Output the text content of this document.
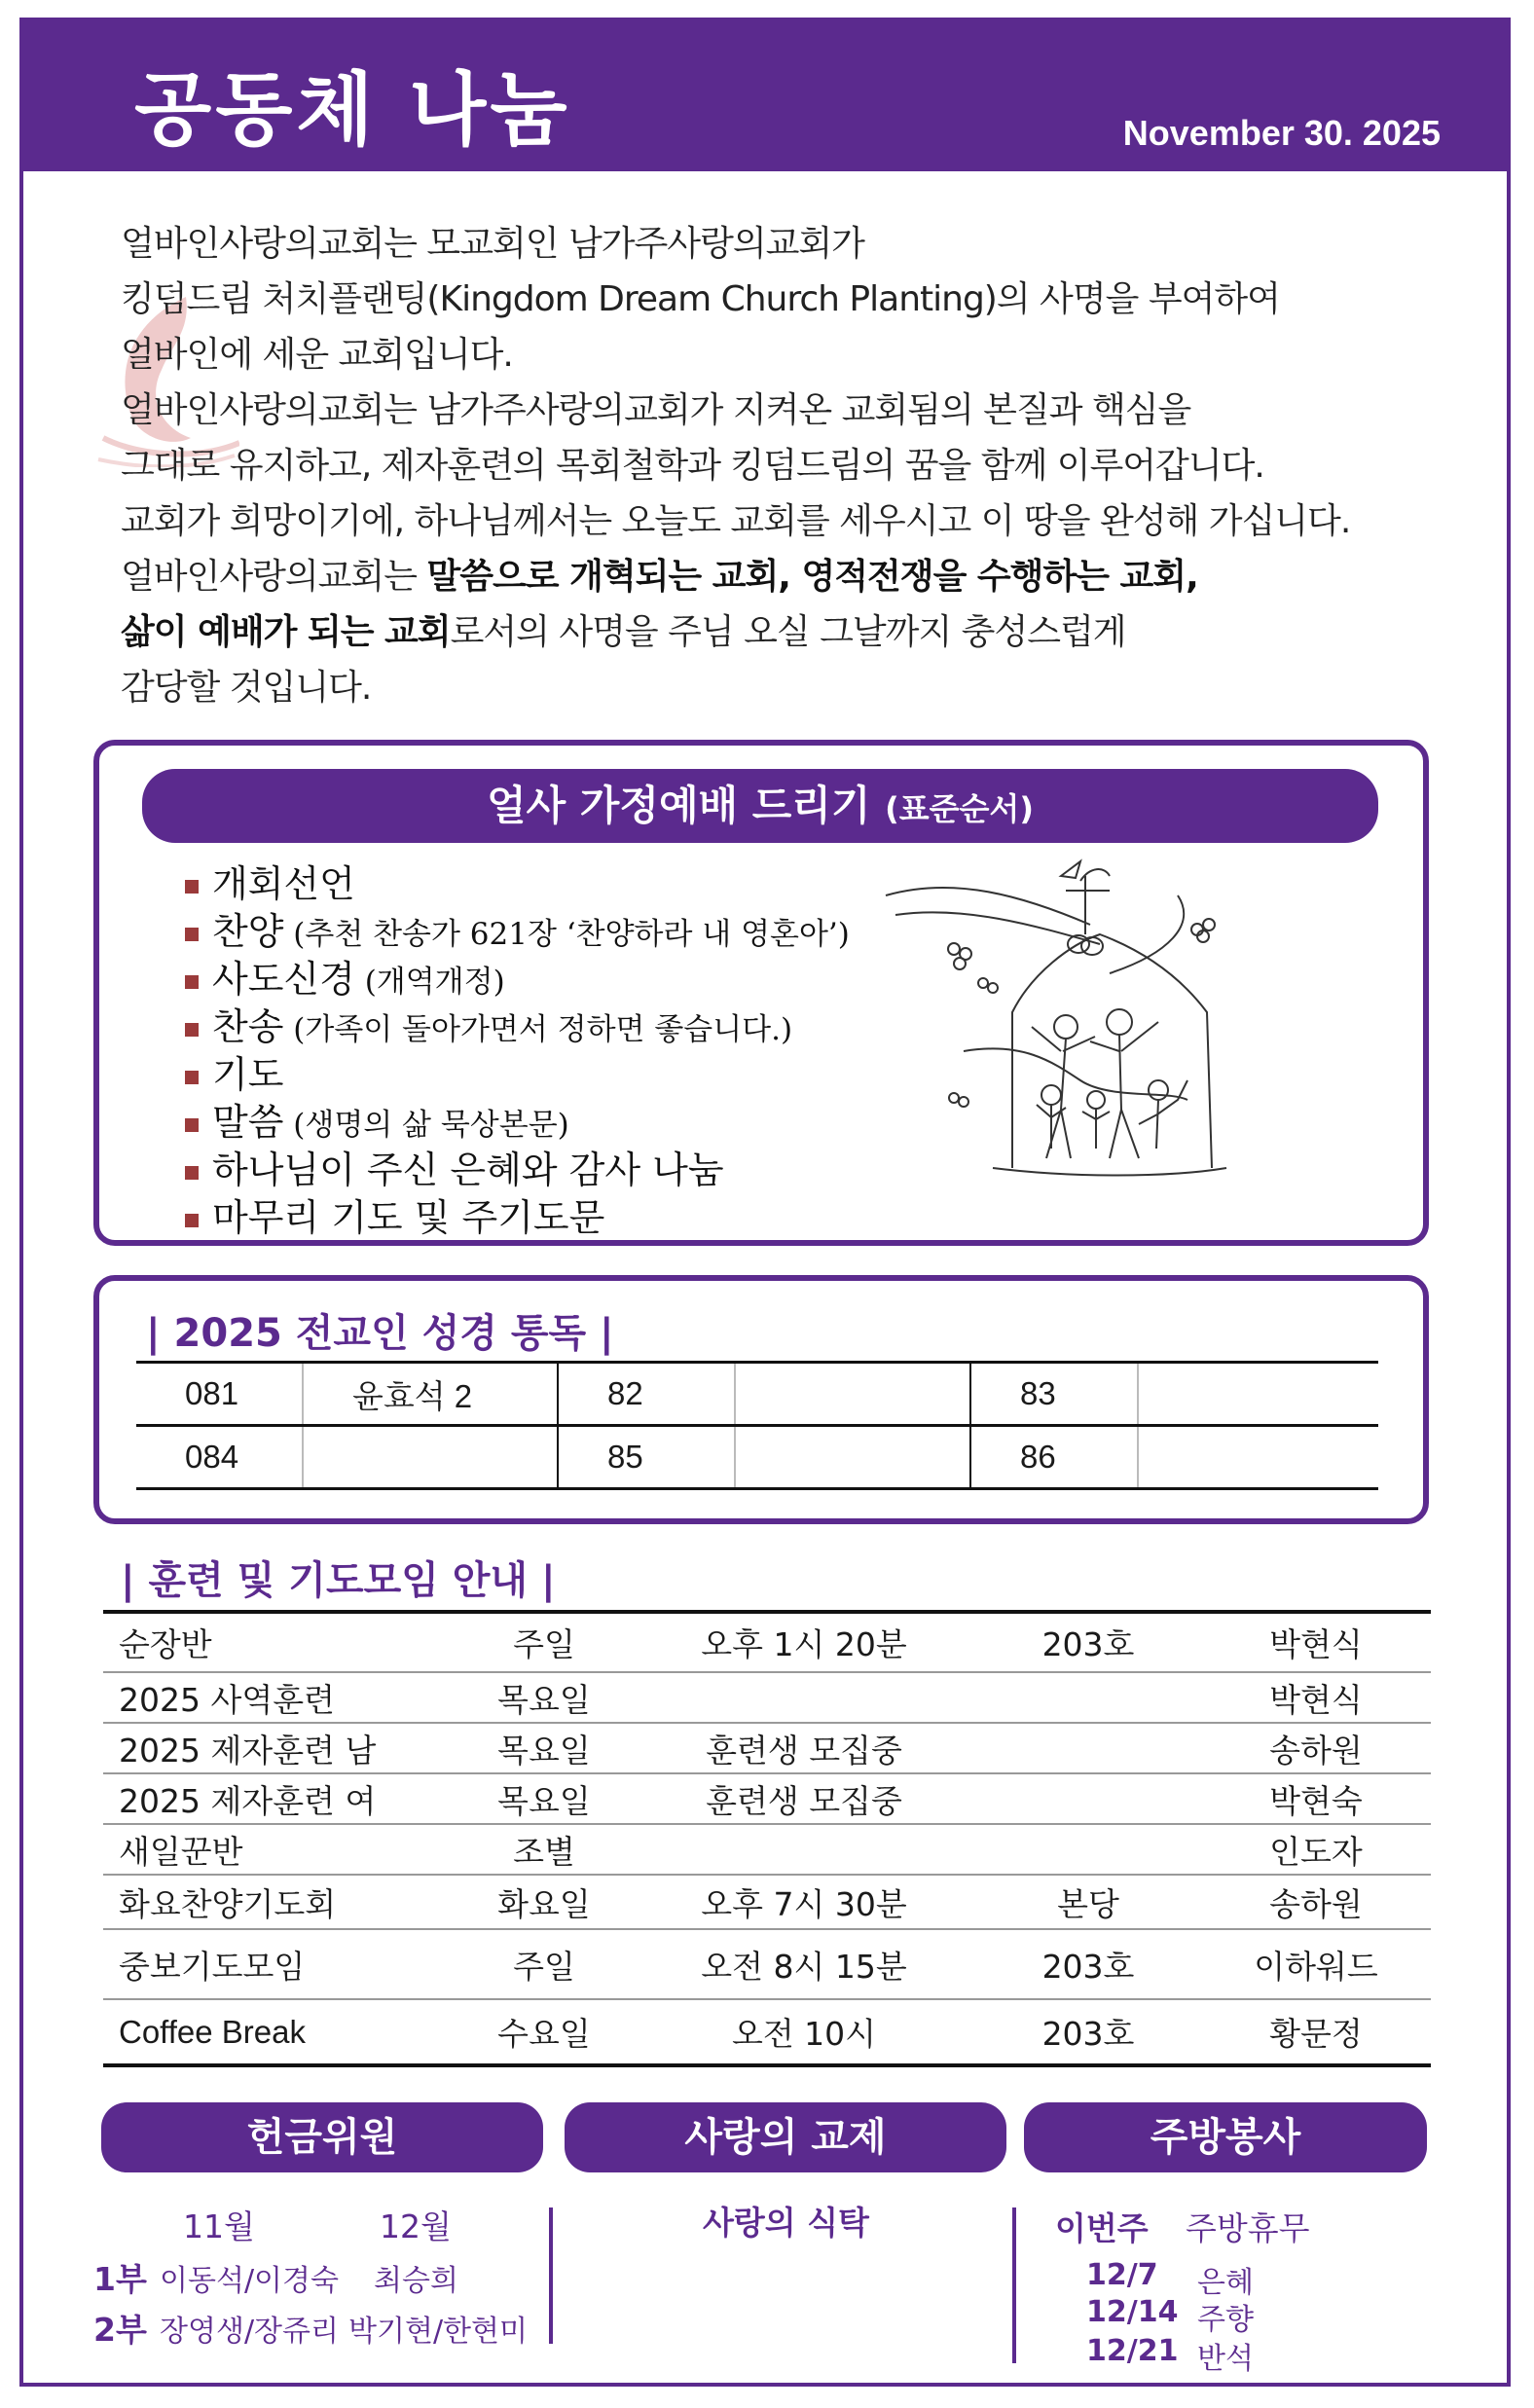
공동체 나눔	November 30. 2025

얼바인사랑의교회는 모교회인 남가주사랑의교회가

킹덤드림 처치플랜팅(Kingdom Dream Church Planting)의 사명을 부여하여

얼바인에 세운 교회입니다.

얼바인사랑의교회는 남가주사랑의교회가 지켜온 교회됨의 본질과 핵심을

그대로 유지하고, 제자훈련의 목회철학과 킹덤드림의 꿈을 함께 이루어갑니다.

교회가 희망이기에, 하나님께서는 오늘도 교회를 세우시고 이 땅을 완성해 가십니다.

얼바인사랑의교회는 말씀으로 개혁되는 교회, 영적전쟁을 수행하는 교회,

삶이 예배가 되는 교회로서의 사명을 주님 오실 그날까지 충성스럽게

감당할 것입니다.

얼사 가정예배 드리기 (표준순서)
개회선언
찬양 (추천 찬송가 621장 ‘찬양하라 내 영혼아’)
사도신경 (개역개정)
찬송 (가족이 돌아가면서 정하면 좋습니다.)
기도
말씀 (생명의 삶 묵상본문)
하나님이 주신 은혜와 감사 나눔
마무리 기도 및 주기도문
| 2025 전교인 성경 통독 |
081	윤효석 2	82		83	
084		85		86	
| 훈련 및 기도모임 안내 |
순장반	주일	오후 1시 20분	203호	박현식
2025 사역훈련	목요일			박현식
2025 제자훈련 남	목요일	훈련생 모집중		송하원
2025 제자훈련 여	목요일	훈련생 모집중		박현숙
새일꾼반	조별			인도자
화요찬양기도회	화요일	오후 7시 30분	본당	송하원
중보기도모임	주일	오전 8시 15분	203호	이하워드
Coffee Break	수요일	오전 10시	203호	황문정
헌금위원	사랑의 교제	주방봉사
11월	12월
1부 이동석/이경숙 최승희
2부 장영생/장쥬리 박기현/한현미
사랑의 식탁	이번주 주방휴무
12/7 은혜
12/14 주향
12/21 반석
